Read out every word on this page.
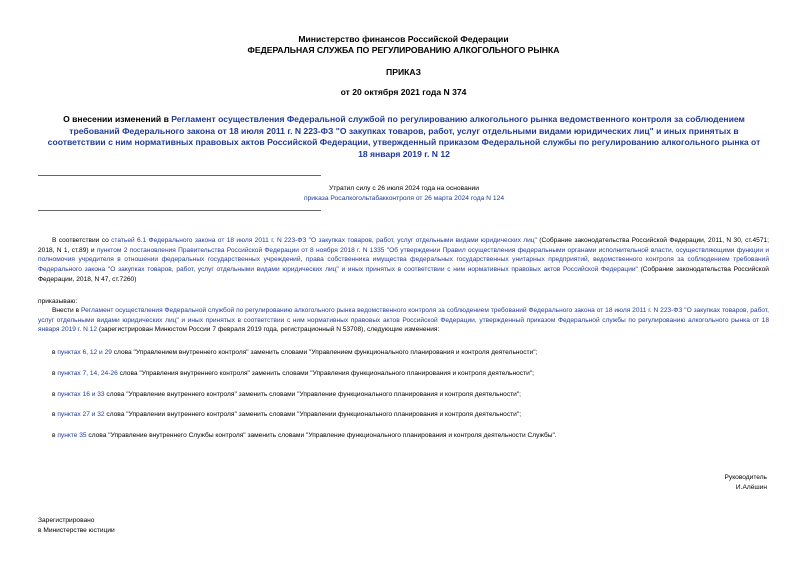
Министерство финансов Российской Федерации
ФЕДЕРАЛЬНАЯ СЛУЖБА ПО РЕГУЛИРОВАНИЮ АЛКОГОЛЬНОГО РЫНКА
ПРИКАЗ
от 20 октября 2021 года N 374
О внесении изменений в Регламент осуществления Федеральной службой по регулированию алкогольного рынка ведомственного контроля за соблюдением требований Федерального закона от 18 июля 2011 г. N 223-ФЗ "О закупках товаров, работ, услуг отдельными видами юридических лиц" и иных принятых в соответствии с ним нормативных правовых актов Российской Федерации, утвержденный приказом Федеральной службы по регулированию алкогольного рынка от 18 января 2019 г. N 12
Утратил силу с 26 июля 2024 года на основании
приказа Росалкогольтабакконтроля от 26 марта 2024 года N 124
В соответствии со статьей 6.1 Федерального закона от 18 июля 2011 г. N 223-ФЗ "О закупках товаров, работ, услуг отдельными видами юридических лиц" (Собрание законодательства Российской Федерации, 2011, N 30, ст.4571; 2018, N 1, ст.89) и пунктом 2 постановления Правительства Российской Федерации от 8 ноября 2018 г. N 1335 "Об утверждении Правил осуществления федеральными органами исполнительной власти, осуществляющими функции и полномочия учредителя в отношении федеральных государственных учреждений, права собственника имущества федеральных государственных унитарных предприятий, ведомственного контроля за соблюдением требований Федерального закона "О закупках товаров, работ, услуг отдельными видами юридических лиц" и иных принятых в соответствии с ним нормативных правовых актов Российской Федерации" (Собрание законодательства Российской Федерации, 2018, N 47, ст.7260)
приказываю:
Внести в Регламент осуществления Федеральной службой по регулированию алкогольного рынка ведомственного контроля за соблюдением требований Федерального закона от 18 июля 2011 г. N 223-ФЗ "О закупках товаров, работ, услуг отдельными видами юридических лиц" и иных принятых в соответствии с ним нормативных правовых актов Российской Федерации, утвержденный приказом Федеральной службы по регулированию алкогольного рынка от 18 января 2019 г. N 12 (зарегистрирован Минюстом России 7 февраля 2019 года, регистрационный N 53708), следующие изменения:
в пунктах 6, 12 и 29 слова "Управлением внутреннего контроля" заменить словами "Управлением функционального планирования и контроля деятельности";
в пунктах 7, 14, 24-26 слова "Управления внутреннего контроля" заменить словами "Управления функционального планирования и контроля деятельности";
в пунктах 16 и 33 слова "Управление внутреннего контроля" заменить словами "Управление функционального планирования и контроля деятельности";
в пунктах 27 и 32 слова "Управлении внутреннего контроля" заменить словами "Управлении функционального планирования и контроля деятельности";
в пункте 35 слова "Управление внутреннего Службы контроля" заменить словами "Управление функционального планирования и контроля деятельности Службы".
Руководитель
И.Алёшин
Зарегистрировано
в Министерстве юстиции
